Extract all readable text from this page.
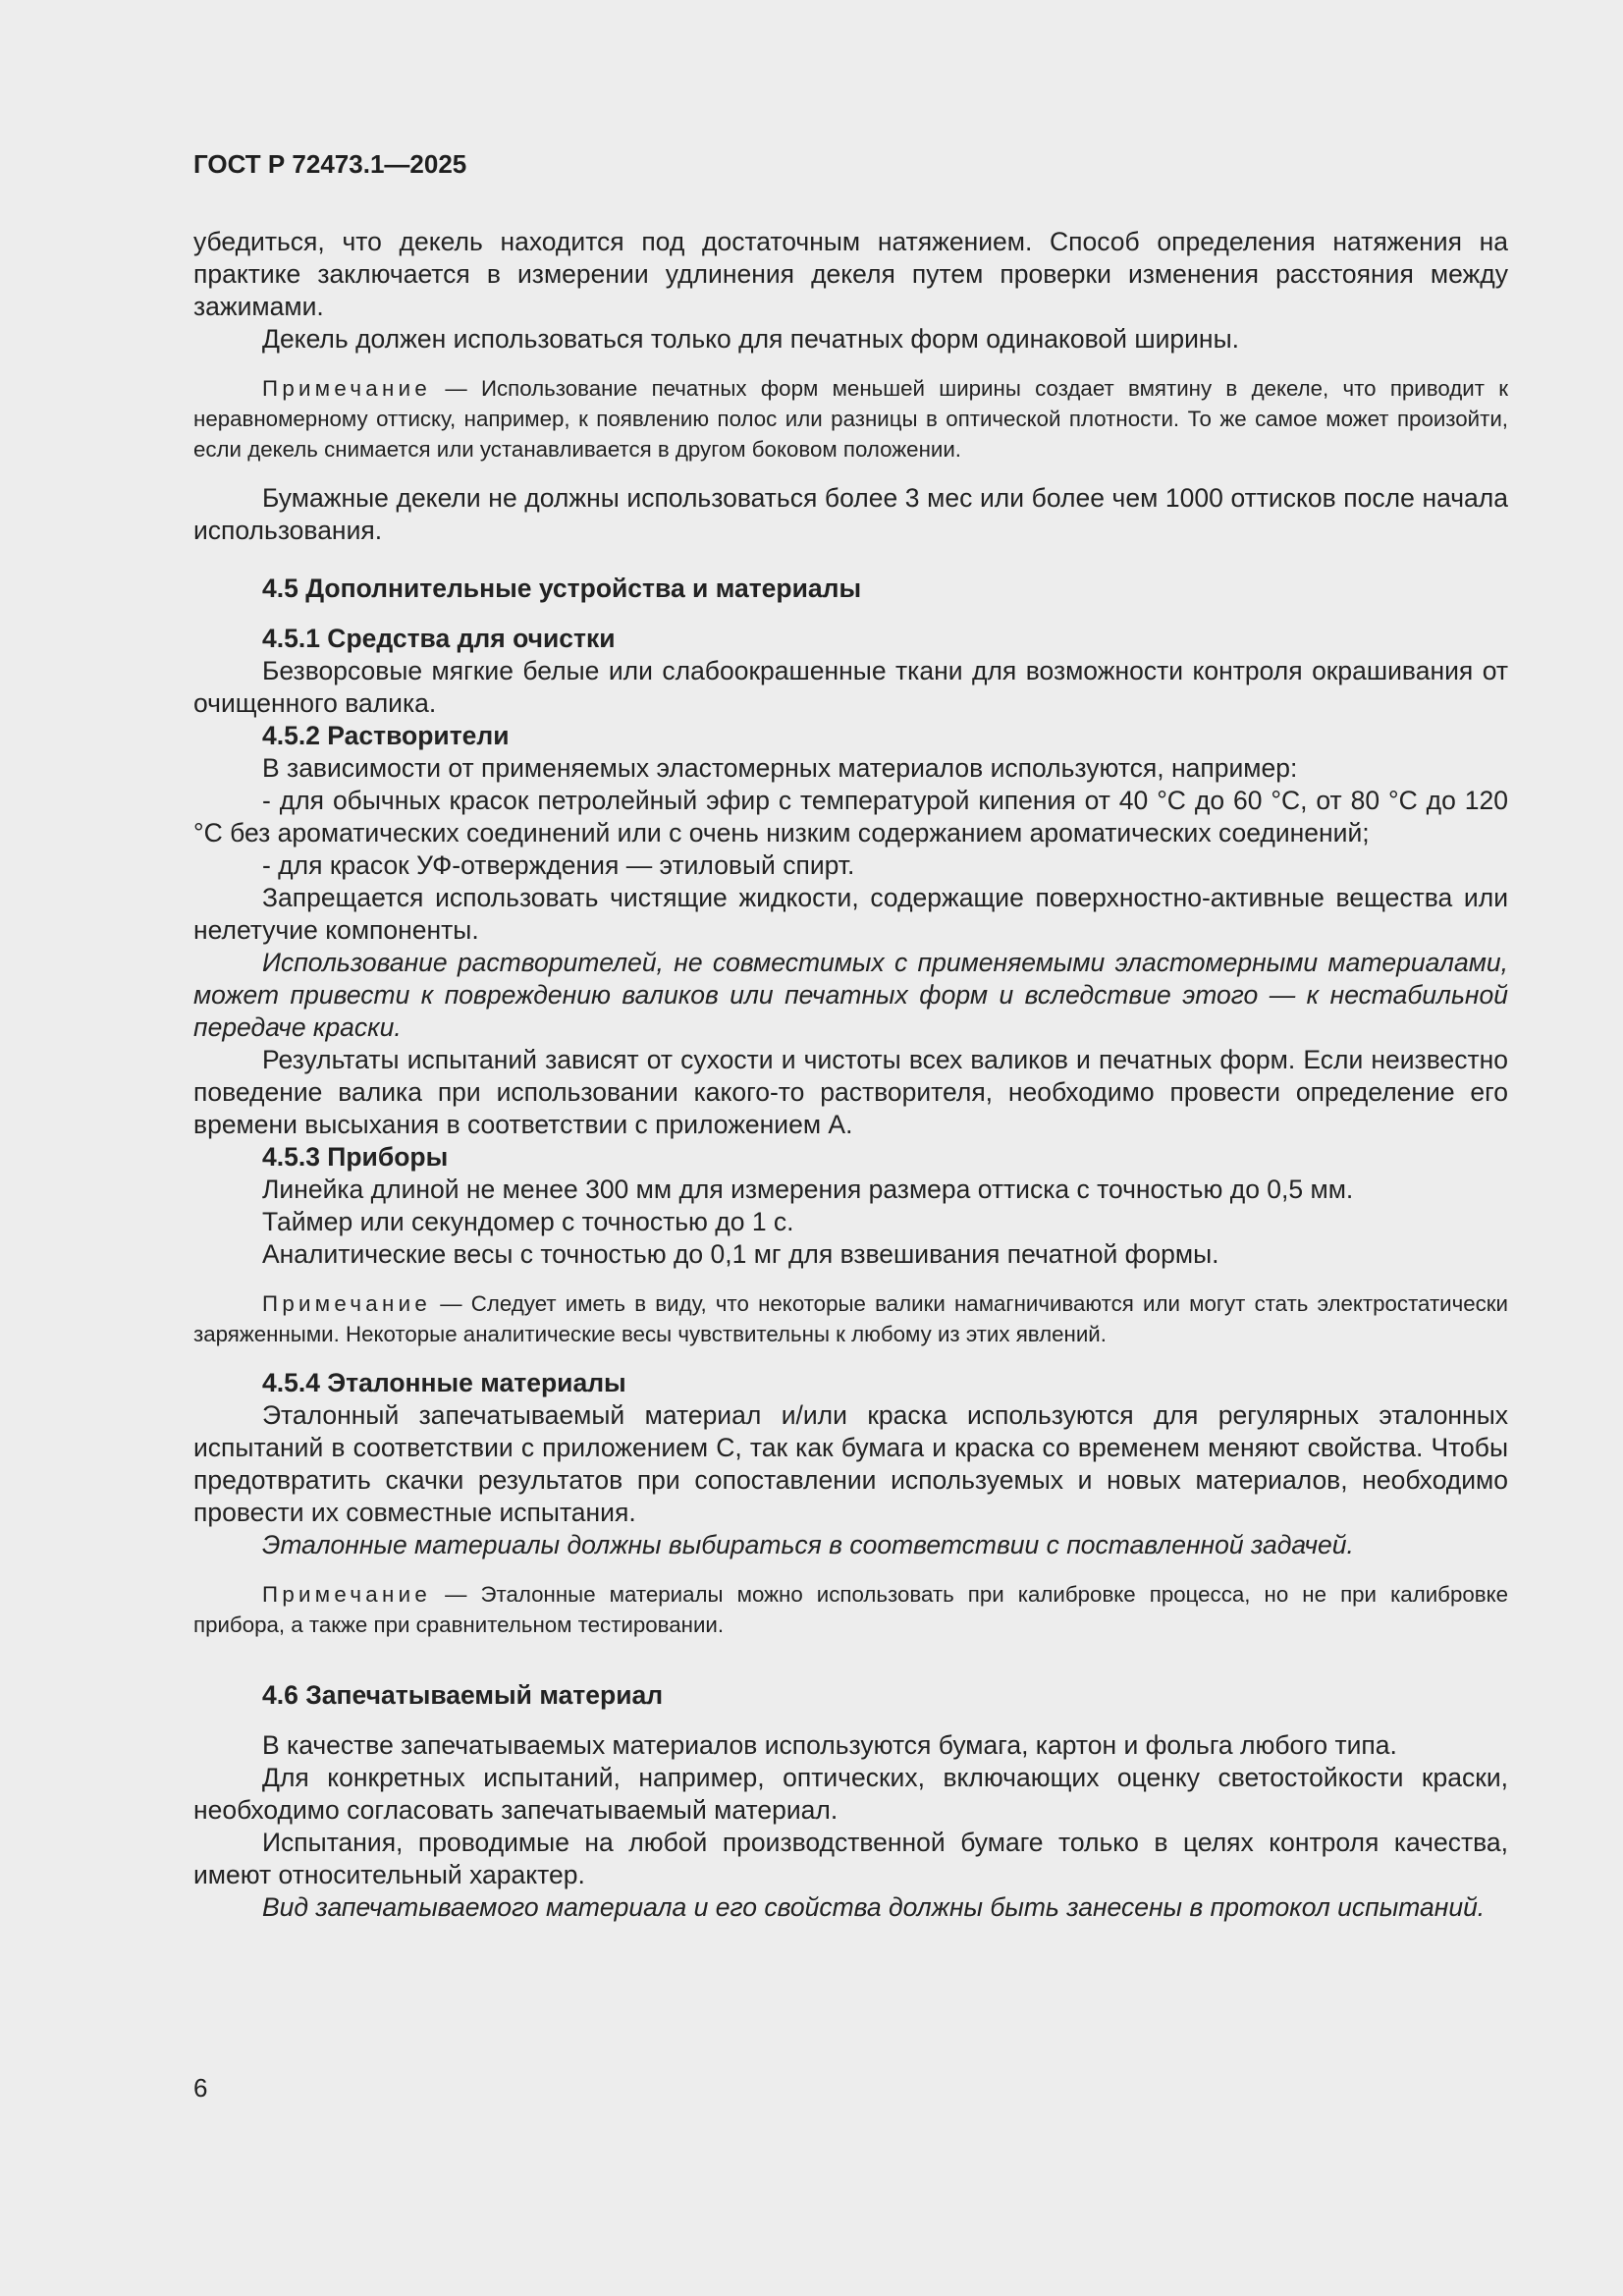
ГОСТ Р 72473.1—2025

убедиться, что декель находится под достаточным натяжением. Способ определения натяжения на практике заключается в измерении удлинения декеля путем проверки изменения расстояния между зажимами.

Декель должен использоваться только для печатных форм одинаковой ширины.

Примечание — Использование печатных форм меньшей ширины создает вмятину в декеле, что приводит к неравномерному оттиску, например, к появлению полос или разницы в оптической плотности. То же самое может произойти, если декель снимается или устанавливается в другом боковом положении.

Бумажные декели не должны использоваться более 3 мес или более чем 1000 оттисков после начала использования.

4.5 Дополнительные устройства и материалы
4.5.1 Средства для очистки

Безворсовые мягкие белые или слабоокрашенные ткани для возможности контроля окрашивания от очищенного валика.

4.5.2 Растворители

В зависимости от применяемых эластомерных материалов используются, например:

- для обычных красок петролейный эфир с температурой кипения от 40 °С до 60 °С, от 80 °С до 120 °С без ароматических соединений или с очень низким содержанием ароматических соединений;

- для красок УФ-отверждения — этиловый спирт.

Запрещается использовать чистящие жидкости, содержащие поверхностно-активные вещества или нелетучие компоненты.

Использование растворителей, не совместимых с применяемыми эластомерными материалами, может привести к повреждению валиков или печатных форм и вследствие этого — к нестабильной передаче краски.

Результаты испытаний зависят от сухости и чистоты всех валиков и печатных форм. Если неизвестно поведение валика при использовании какого-то растворителя, необходимо провести определение его времени высыхания в соответствии с приложением А.

4.5.3 Приборы

Линейка длиной не менее 300 мм для измерения размера оттиска с точностью до 0,5 мм.

Таймер или секундомер с точностью до 1 с.

Аналитические весы с точностью до 0,1 мг для взвешивания печатной формы.

Примечание — Следует иметь в виду, что некоторые валики намагничиваются или могут стать электростатически заряженными. Некоторые аналитические весы чувствительны к любому из этих явлений.

4.5.4 Эталонные материалы

Эталонный запечатываемый материал и/или краска используются для регулярных эталонных испытаний в соответствии с приложением С, так как бумага и краска со временем меняют свойства. Чтобы предотвратить скачки результатов при сопоставлении используемых и новых материалов, необходимо провести их совместные испытания.

Эталонные материалы должны выбираться в соответствии с поставленной задачей.

Примечание — Эталонные материалы можно использовать при калибровке процесса, но не при калибровке прибора, а также при сравнительном тестировании.

4.6 Запечатываемый материал

В качестве запечатываемых материалов используются бумага, картон и фольга любого типа.

Для конкретных испытаний, например, оптических, включающих оценку светостойкости краски, необходимо согласовать запечатываемый материал.

Испытания, проводимые на любой производственной бумаге только в целях контроля качества, имеют относительный характер.

Вид запечатываемого материала и его свойства должны быть занесены в протокол испытаний.

6
